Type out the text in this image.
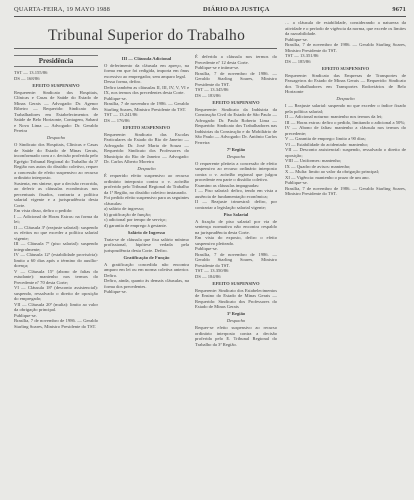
QUARTA-FEIRA, 19 MAYO 1988	DIÁRIO DA JUSTIÇA	9671
Tribunal Superior do Trabalho
Presidência

TST — 13.155/86

DS — 168/86

EFEITO SUSPENSIVO

Requerente: Sindicato dos Hospitais, Clínicas e Casas de Saúde do Estado de Minas Gerais — Advogado: Dr. Agenor Ribeiro — Requerido: Sindicato dos Trabalhadores em Estabelecimentos de Saúde de Belo Horizonte, Contagem, Sabará e Nova Lima — Advogado: Dr. Geraldo Pereira

Despacho

O Sindicato dos Hospitais, Clínicas e Casas de Saúde do Estado de Minas Gerais, inconformado com a r. decisão proferida pelo Egrégio Tribunal Regional do Trabalho da 3ª Região nos autos do dissídio coletivo, requer a concessão de efeito suspensivo ao recurso ordinário interposto.

Sustenta, em síntese, que a decisão recorrida, ao deferir as cláusulas econômicas nos percentuais fixados, contraria a política salarial vigente e a jurisprudência desta Corte.

Em vista disso, defiro o pedido:

I — Adicional de Horas Extras: na forma da lei;

II — Cláusula 3ª (reajuste salarial): suspendo os efeitos no que exceder a política salarial vigente;

III — Cláusula 7ª (piso salarial): suspendo integralmente;

IV — Cláusula 12ª (estabilidade provisória): limito a 60 dias após o término do auxílio-doença;

V — Cláusula 15ª (abono de faltas do estudante): mantenho nos termos do Precedente nº 70 desta Corte;

VI — Cláusula 18ª (desconto assistencial): suspendo, ressalvado o direito de oposição do empregado;

VII — Cláusula 20ª (multa): limito ao valor da obrigação principal.

Publique-se.

Brasília, 7 de novembro de 1986. — Geraldo Starling Soares, Ministro Presidente do TST.

III — Cláusula Adicional

O deferimento da cláusula em apreço, na forma em que foi redigida, importa em ônus excessivo ao empregador, sem amparo legal.

Dessa forma, defiro.

Defiro também as cláusulas II, III, IV, V, VI e IX, nos termos dos precedentes desta Corte.

Publique-se.

Brasília, 7 de novembro de 1986. — Geraldo Starling Soares, Ministro Presidente do TST.

TST — 13.241/86

DS — 176/86

EFEITO SUSPENSIVO

Requerente: Sindicato das Escolas Particulares do Estado do Rio de Janeiro — Advogado: Dr. José Maria de Souza — Requerido: Sindicato dos Professores do Município do Rio de Janeiro — Advogado: Dr. Carlos Alberto Moreira

Despacho

É requerido efeito suspensivo ao recurso ordinário interposto contra o v. acórdão proferido pelo Tribunal Regional do Trabalho da 1ª Região, no dissídio coletivo instaurado.

Foi pedido efeito suspensivo para as seguintes cláusulas:

a) salário de ingresso;

b) gratificação de função;

c) adicional por tempo de serviço;

d) garantia de emprego à gestante.

Salário de Ingresso

Trata-se de cláusula que fixa salário mínimo profissional, hipótese vedada pela jurisprudência desta Corte. Defiro.

Gratificação de Função

A gratificação concedida não encontra amparo em lei ou em norma coletiva anterior. Defiro.

Defiro, ainda, quanto às demais cláusulas, na forma dos precedentes.

Publique-se.

É deferida a cláusula nos termos do Precedente nº 12 desta Corte.

Publique-se e intime-se.

Brasília, 7 de novembro de 1986. — Geraldo Starling Soares, Ministro Presidente do TST.

TST — 13.345/86

DS — 183/86

EFEITO SUSPENSIVO

Requerente: Sindicato da Indústria da Construção Civil do Estado de São Paulo — Advogado: Dr. Paulo Roberto Lima — Requerido: Sindicato dos Trabalhadores nas Indústrias da Construção e do Mobiliário de São Paulo — Advogado: Dr. Antônio Carlos Ferreira

7ª Região

Despacho

O requerente pleiteia a concessão de efeito suspensivo ao recurso ordinário interposto contra o v. acórdão regional que julgou procedente em parte o dissídio coletivo.

Examino as cláusulas impugnadas:

I — Piso salarial: defiro, tendo em vista a ausência de fundamentação econômica;

II — Reajuste trimestral: defiro, por contrariar a legislação salarial vigente;

Piso Salarial

A fixação de piso salarial por via de sentença normativa não encontra respaldo na jurisprudência desta Corte.

Em vista do exposto, defiro o efeito suspensivo pleiteado.

Publique-se.

Brasília, 7 de novembro de 1986. — Geraldo Starling Soares, Ministro Presidente do TST.

TST — 13.350/86

DS — 184/86

EFEITO SUSPENSIVO

Requerente: Sindicato dos Estabelecimentos de Ensino do Estado de Minas Gerais — Requerido: Sindicato dos Professores do Estado de Minas Gerais

3ª Região

Despacho

Requer-se efeito suspensivo ao recurso ordinário interposto contra a decisão proferida pelo E. Tribunal Regional do Trabalho da 3ª Região.

… a cláusula de estabilidade, considerando a natureza da atividade e o período de vigência da norma, que excede os limites da razoabilidade.

Publique-se.

Brasília, 7 de novembro de 1986. — Geraldo Starling Soares, Ministro Presidente do TST.

TST — 13.351/86

DS — 185/86

EFEITO SUSPENSIVO

Requerente: Sindicato das Empresas de Transportes de Passageiros do Estado de Minas Gerais — Requerido: Sindicato dos Trabalhadores em Transportes Rodoviários de Belo Horizonte

Despacho

I — Reajuste salarial: suspendo no que exceder o índice fixado pela política salarial;

II — Adicional noturno: mantenho nos termos da lei;

III — Horas extras: defiro o pedido, limitando o adicional a 50%;

IV — Abono de faltas: mantenho a cláusula nos termos do precedente;

V — Garantia de emprego: limito a 90 dias;

VI — Estabilidade do acidentado: mantenho;

VII — Desconto assistencial: suspendo, ressalvado o direito de oposição;

VIII — Uniformes: mantenho;

IX — Quadro de avisos: mantenho;

X — Multa: limito ao valor da obrigação principal;

XI — Vigência: mantenho o prazo de um ano.

Publique-se.

Brasília, 7 de novembro de 1986. — Geraldo Starling Soares, Ministro Presidente do TST.
